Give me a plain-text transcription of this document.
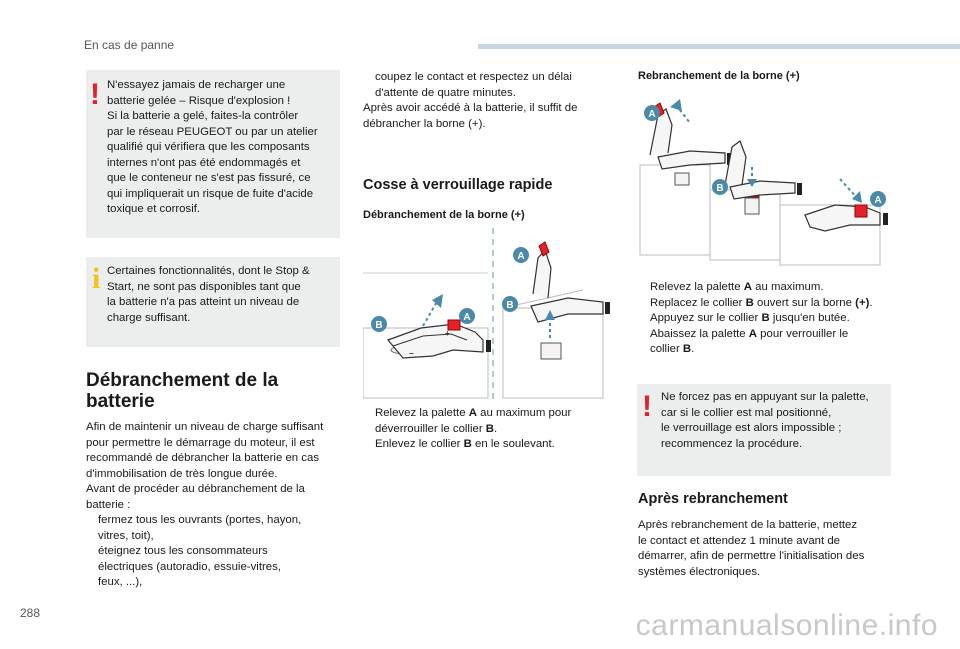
En cas de panne
! N'essayez jamais de recharger une

batterie gelée – Risque d'explosion !

Si la batterie a gelé, faites-la contrôler

par le réseau PEUGEOT ou par un atelier

qualifié qui vérifiera que les composants

internes n'ont pas été endommagés et

que le conteneur ne s'est pas fissuré, ce

qui impliquerait un risque de fuite d'acide

toxique et corrosif.

i Certaines fonctionnalités, dont le Stop &

Start, ne sont pas disponibles tant que

la batterie n'a pas atteint un niveau de

charge suffisant.

Débranchement de la
batterie

Afin de maintenir un niveau de charge suffisant

pour permettre le démarrage du moteur, il est

recommandé de débrancher la batterie en cas

d'immobilisation de très longue durée.

Avant de procéder au débranchement de la

batterie :

fermez tous les ouvrants (portes, hayon,

vitres, toit),

éteignez tous les consommateurs

électriques (autoradio, essuie-vitres,

feux, ...),

coupez le contact et respectez un délai

d'attente de quatre minutes.

Après avoir accédé à la batterie, il suffit de

débrancher la borne (+).

Cosse à verrouillage rapide
Débranchement de la borne (+)
B
A
A
B
+
−

Relevez la palette A au maximum pour

déverrouiller le collier B.

Enlevez le collier B en le soulevant.

Rebranchement de la borne (+)
A
B
A

Relevez la palette A au maximum.

Replacez le collier B ouvert sur la borne (+).

Appuyez sur le collier B jusqu'en butée.

Abaissez la palette A pour verrouiller le

collier B.

! Ne forcez pas en appuyant sur la palette,

car si le collier est mal positionné,

le verrouillage est alors impossible ;

recommencez la procédure.

Après rebranchement

Après rebranchement de la batterie, mettez

le contact et attendez 1 minute avant de

démarrer, afin de permettre l'initialisation des

systèmes électroniques.

288	carmanualsonline.info
